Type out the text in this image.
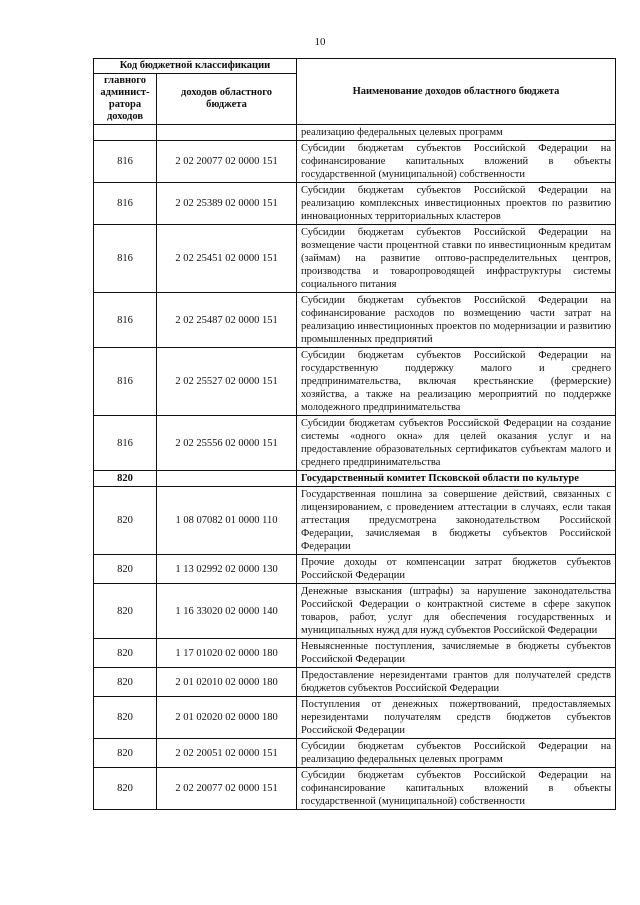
10
Код бюджетной классификации		Наименование доходов областного бюджета
главного админист-ратора доходов	доходов областного бюджета	
		реализацию федеральных целевых программ
816	2 02 20077 02 0000 151	Субсидии бюджетам субъектов Российской Федерации на софинансирование капитальных вложений в объекты государственной (муниципальной) собственности
816	2 02 25389 02 0000 151	Субсидии бюджетам субъектов Российской Федерации на реализацию комплексных инвестиционных проектов по развитию инновационных территориальных кластеров
816	2 02 25451 02 0000 151	Субсидии бюджетам субъектов Российской Федерации на возмещение части процентной ставки по инвестиционным кредитам (займам) на развитие оптово-распределительных центров, производства и товаропроводящей инфраструктуры системы социального питания
816	2 02 25487 02 0000 151	Субсидии бюджетам субъектов Российской Федерации на софинансирование расходов по возмещению части затрат на реализацию инвестиционных проектов по модернизации и развитию промышленных предприятий
816	2 02 25527 02 0000 151	Субсидии бюджетам субъектов Российской Федерации на государственную поддержку малого и среднего предпринимательства, включая крестьянские (фермерские) хозяйства, а также на реализацию мероприятий по поддержке молодежного предпринимательства
816	2 02 25556 02 0000 151	Субсидии бюджетам субъектов Российской Федерации на создание системы «одного окна» для целей оказания услуг и на предоставление образовательных сертификатов субъектам малого и среднего предпринимательства
820		Государственный комитет Псковской области по культуре
820	1 08 07082 01 0000 110	Государственная пошлина за совершение действий, связанных с лицензированием, с проведением аттестации в случаях, если такая аттестация предусмотрена законодательством Российской Федерации, зачисляемая в бюджеты субъектов Российской Федерации
820	1 13 02992 02 0000 130	Прочие доходы от компенсации затрат бюджетов субъектов Российской Федерации
820	1 16 33020 02 0000 140	Денежные взыскания (штрафы) за нарушение законодательства Российской Федерации о контрактной системе в сфере закупок товаров, работ, услуг для обеспечения государственных и муниципальных нужд для нужд субъектов Российской Федерации
820	1 17 01020 02 0000 180	Невыясненные поступления, зачисляемые в бюджеты субъектов Российской Федерации
820	2 01 02010 02 0000 180	Предоставление нерезидентами грантов для получателей средств бюджетов субъектов Российской Федерации
820	2 01 02020 02 0000 180	Поступления от денежных пожертвований, предоставляемых нерезидентами получателям средств бюджетов субъектов Российской Федерации
820	2 02 20051 02 0000 151	Субсидии бюджетам субъектов Российской Федерации на реализацию федеральных целевых программ
820	2 02 20077 02 0000 151	Субсидии бюджетам субъектов Российской Федерации на софинансирование капитальных вложений в объекты государственной (муниципальной) собственности
